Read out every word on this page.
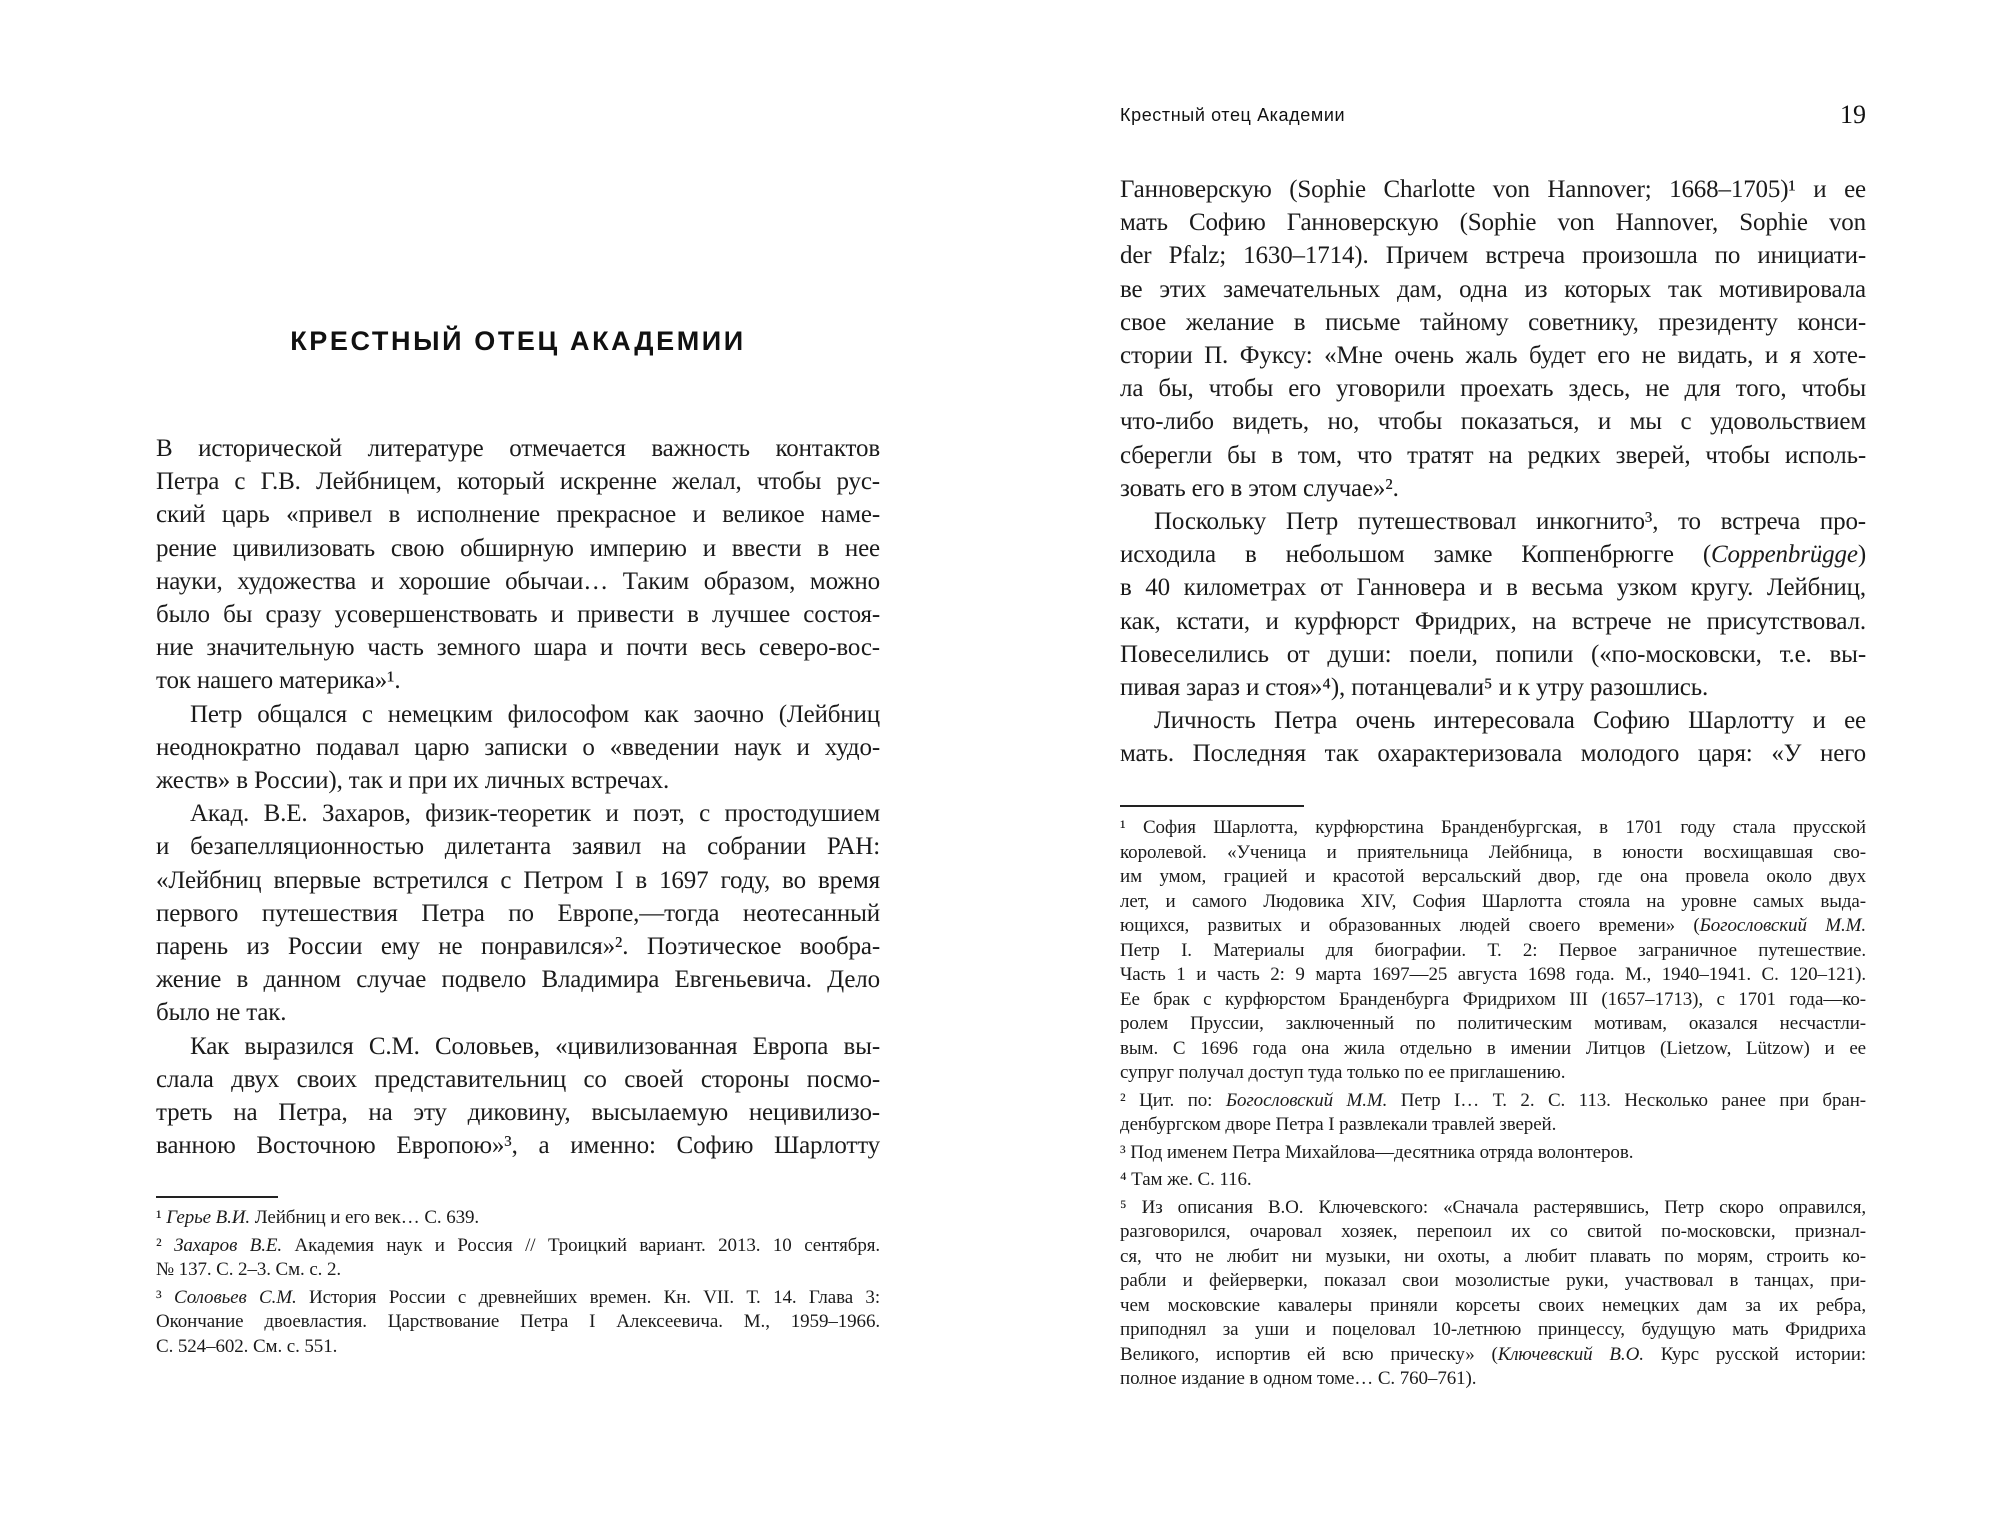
КРЕСТНЫЙ ОТЕЦ АКАДЕМИИ
В исторической литературе отмечается важность контактов
Петра с Г.В. Лейбницем, который искренне желал, чтобы рус-
ский царь «привел в исполнение прекрасное и великое наме-
рение цивилизовать свою обширную империю и ввести в нее
науки, художества и хорошие обычаи… Таким образом, можно
было бы сразу усовершенствовать и привести в лучшее состоя-
ние значительную часть земного шара и почти весь северо-вос-
ток нашего материка»¹.
Петр общался с немецким философом как заочно (Лейбниц
неоднократно подавал царю записки о «введении наук и худо-
жеств» в России), так и при их личных встречах.
Акад. В.Е. Захаров, физик-теоретик и поэт, с простодушием
и безапелляционностью дилетанта заявил на собрании РАН:
«Лейбниц впервые встретился с Петром I в 1697 году, во время
первого путешествия Петра по Европе,—тогда неотесанный
парень из России ему не понравился»². Поэтическое вообра-
жение в данном случае подвело Владимира Евгеньевича. Дело
было не так.
Как выразился С.М. Соловьев, «цивилизованная Европа вы-
слала двух своих представительниц со своей стороны посмо-
треть на Петра, на эту диковину, высылаемую нецивилизо-
ванною Восточною Европою»³, а именно: Софию Шарлотту
¹ Герье В.И. Лейбниц и его век… С. 639.
² Захаров В.Е. Академия наук и Россия // Троицкий вариант. 2013. 10 сентября.
№ 137. С. 2–3. См. с. 2.
³ Соловьев С.М. История России с древнейших времен. Кн. VII. Т. 14. Глава 3:
Окончание двоевластия. Царствование Петра I Алексеевича. М., 1959–1966.
С. 524–602. См. с. 551.
Крестный отец Академии	19
Ганноверскую (Sophie Charlotte von Hannover; 1668–1705)¹ и ее
мать Софию Ганноверскую (Sophie von Hannover, Sophie von
der Pfalz; 1630–1714). Причем встреча произошла по инициати-
ве этих замечательных дам, одна из которых так мотивировала
свое желание в письме тайному советнику, президенту конси-
стории П. Фуксу: «Мне очень жаль будет его не видать, и я хоте-
ла бы, чтобы его уговорили проехать здесь, не для того, чтобы
что-либо видеть, но, чтобы показаться, и мы с удовольствием
сберегли бы в том, что тратят на редких зверей, чтобы исполь-
зовать его в этом случае»².
Поскольку Петр путешествовал инкогнито³, то встреча про-
исходила в небольшом замке Коппенбрюгге (Coppenbrügge)
в 40 километрах от Ганновера и в весьма узком кругу. Лейбниц,
как, кстати, и курфюрст Фридрих, на встрече не присутствовал.
Повеселились от души: поели, попили («по-московски, т.е. вы-
пивая зараз и стоя»⁴), потанцевали⁵ и к утру разошлись.
Личность Петра очень интересовала Софию Шарлотту и ее
мать. Последняя так охарактеризовала молодого царя: «У него
¹ София Шарлотта, курфюрстина Бранденбургская, в 1701 году стала прусской
королевой. «Ученица и приятельница Лейбница, в юности восхищавшая сво-
им умом, грацией и красотой версальский двор, где она провела около двух
лет, и самого Людовика XIV, София Шарлотта стояла на уровне самых выда-
ющихся, развитых и образованных людей своего времени» (Богословский М.М.
Петр I. Материалы для биографии. Т. 2: Первое заграничное путешествие.
Часть 1 и часть 2: 9 марта 1697—25 августа 1698 года. М., 1940–1941. С. 120–121).
Ее брак с курфюрстом Бранденбурга Фридрихом III (1657–1713), с 1701 года—ко-
ролем Пруссии, заключенный по политическим мотивам, оказался несчастли-
вым. С 1696 года она жила отдельно в имении Литцов (Lietzow, Lützow) и ее
супруг получал доступ туда только по ее приглашению.
² Цит. по: Богословский М.М. Петр I… Т. 2. С. 113. Несколько ранее при бран-
денбургском дворе Петра I развлекали травлей зверей.
³ Под именем Петра Михайлова—десятника отряда волонтеров.
⁴ Там же. С. 116.
⁵ Из описания В.О. Ключевского: «Сначала растерявшись, Петр скоро оправился,
разговорился, очаровал хозяек, перепоил их со свитой по-московски, признал-
ся, что не любит ни музыки, ни охоты, а любит плавать по морям, строить ко-
рабли и фейерверки, показал свои мозолистые руки, участвовал в танцах, при-
чем московские кавалеры приняли корсеты своих немецких дам за их ребра,
приподнял за уши и поцеловал 10-летнюю принцессу, будущую мать Фридриха
Великого, испортив ей всю прическу» (Ключевский В.О. Курс русской истории:
полное издание в одном томе… С. 760–761).
